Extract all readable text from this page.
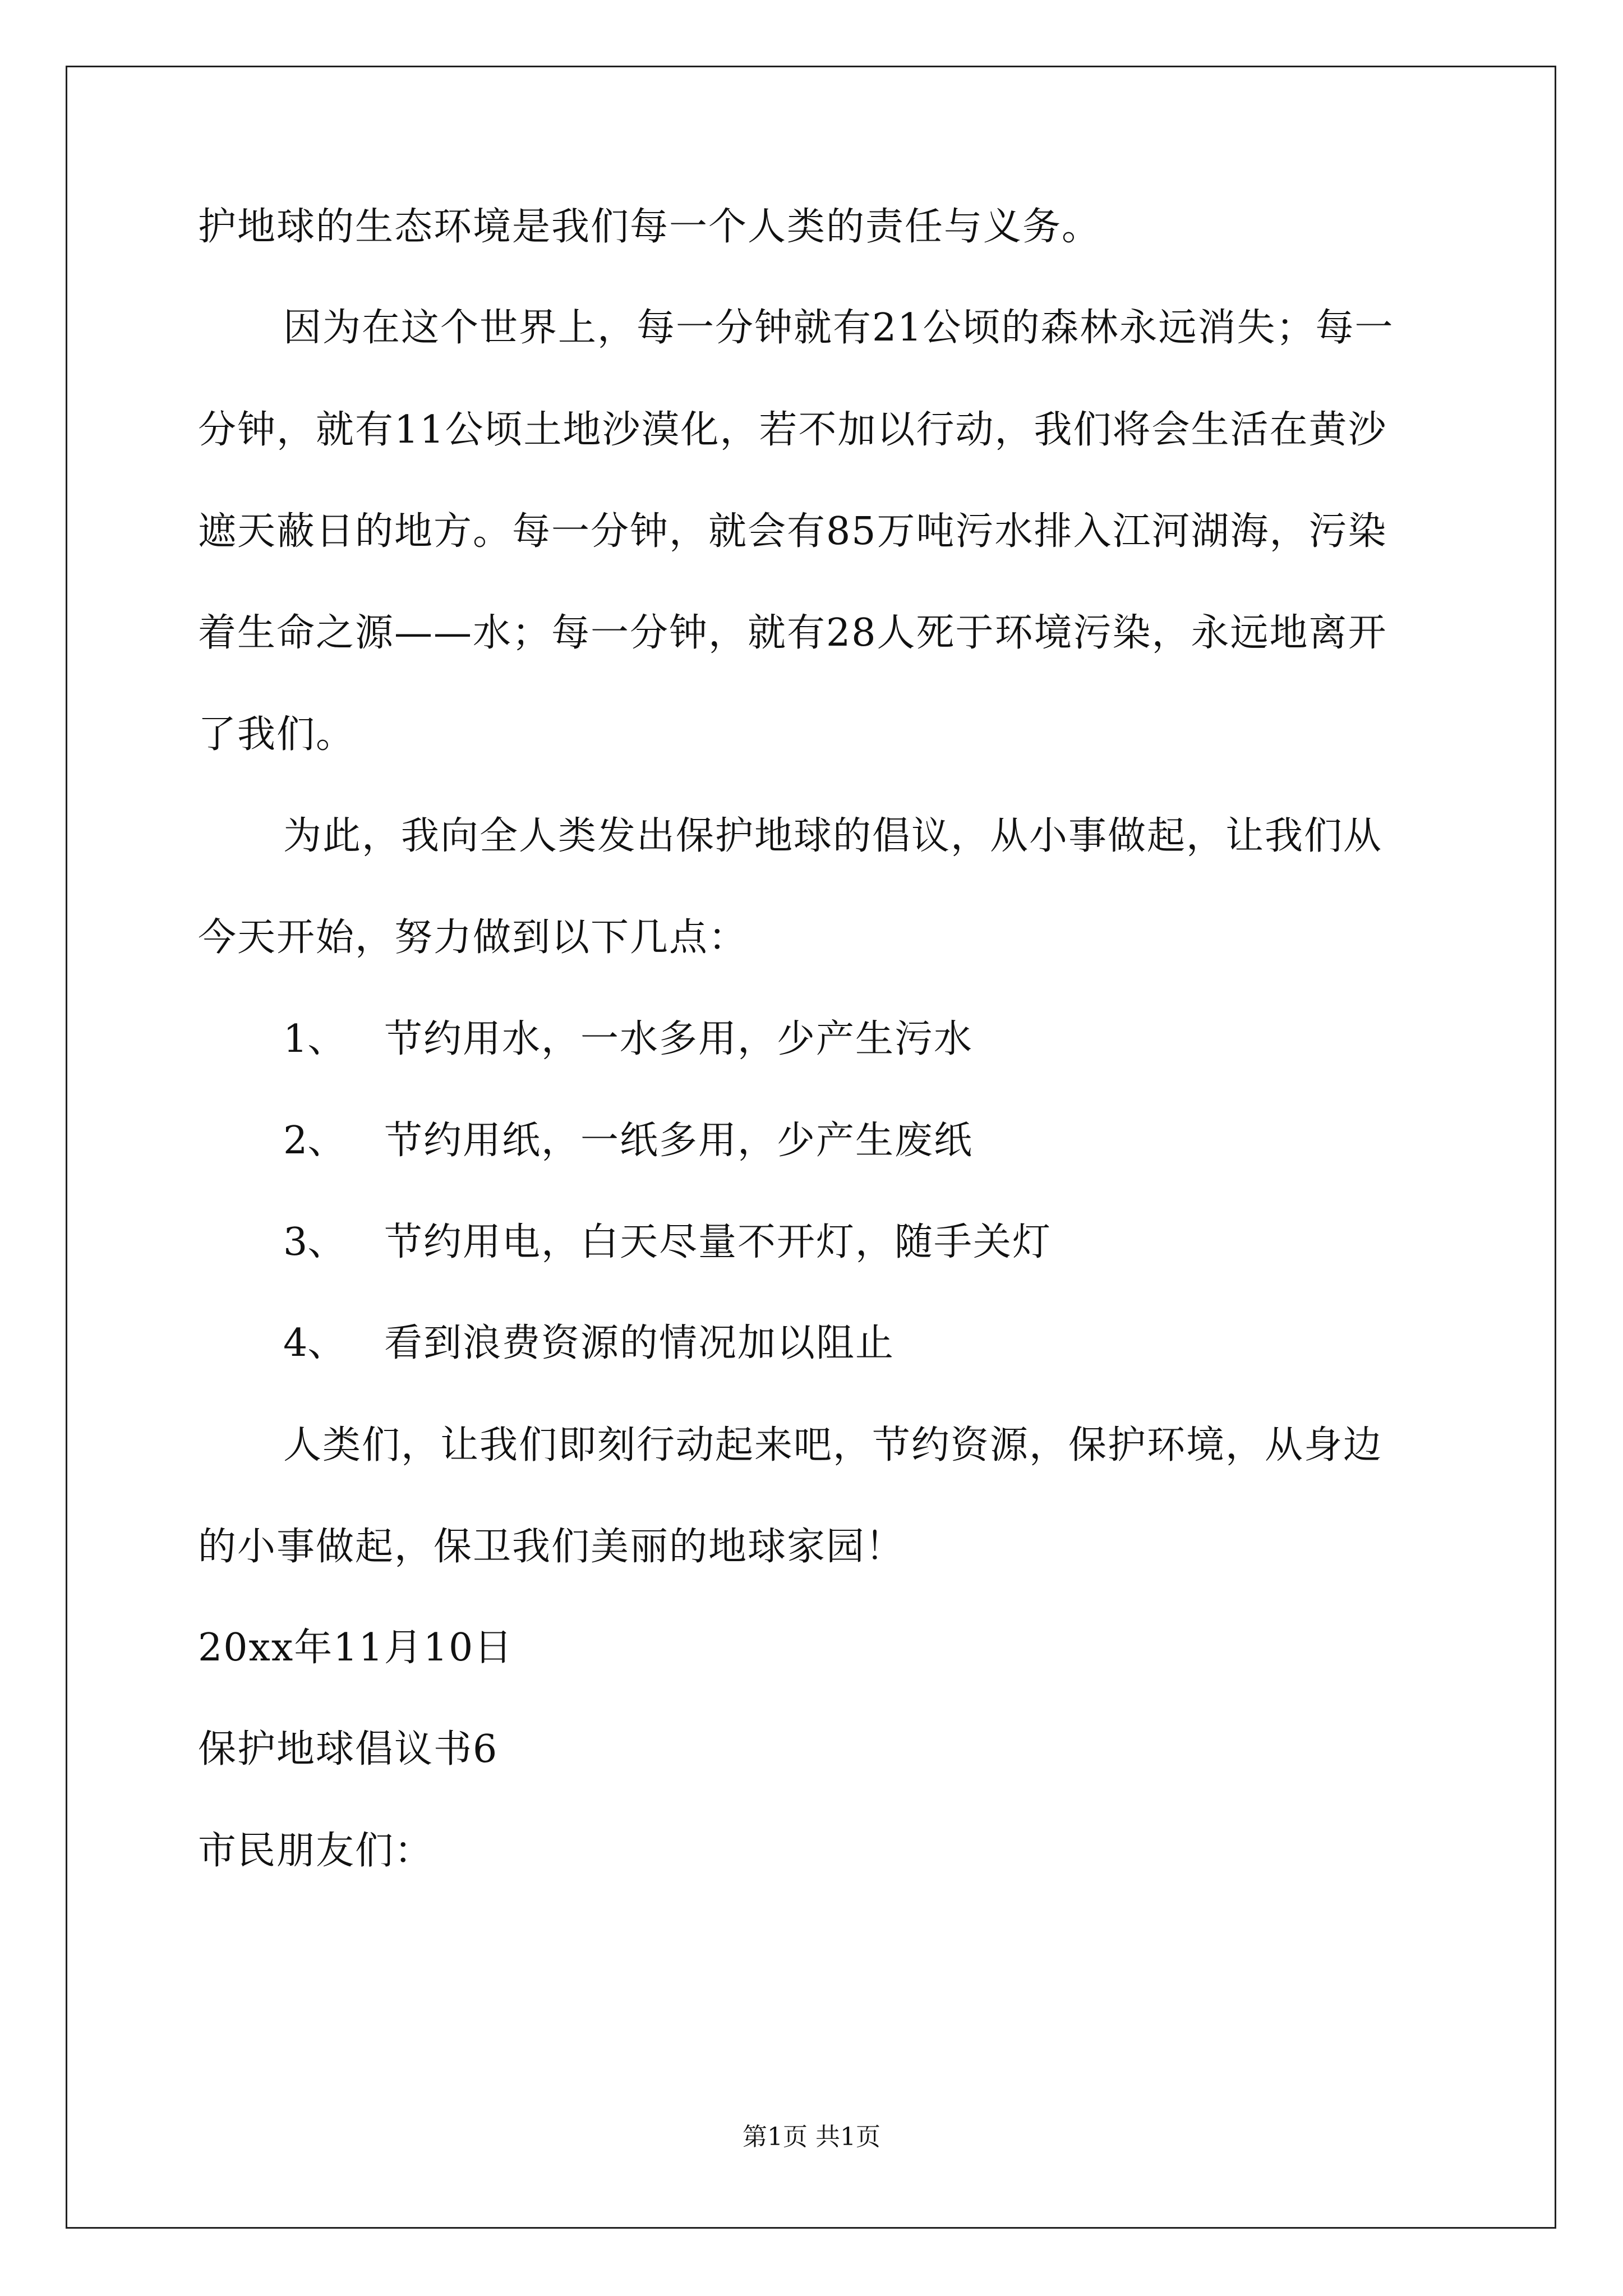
护地球的生态环境是我们每一个人类的责任与义务。
因为在这个世界上，每一分钟就有21公顷的森林永远消失；每一
分钟，就有11公顷土地沙漠化，若不加以行动，我们将会生活在黄沙
遮天蔽日的地方。每一分钟，就会有85万吨污水排入江河湖海，污染
着生命之源——水；每一分钟，就有28人死于环境污染，永远地离开
了我们。
为此，我向全人类发出保护地球的倡议，从小事做起，让我们从
今天开始，努力做到以下几点：
1、 节约用水，一水多用，少产生污水
2、 节约用纸，一纸多用，少产生废纸
3、 节约用电，白天尽量不开灯，随手关灯
4、 看到浪费资源的情况加以阻止
人类们，让我们即刻行动起来吧，节约资源，保护环境，从身边
的小事做起，保卫我们美丽的地球家园！
20xx年11月10日
保护地球倡议书6
市民朋友们：
第1页 共1页
